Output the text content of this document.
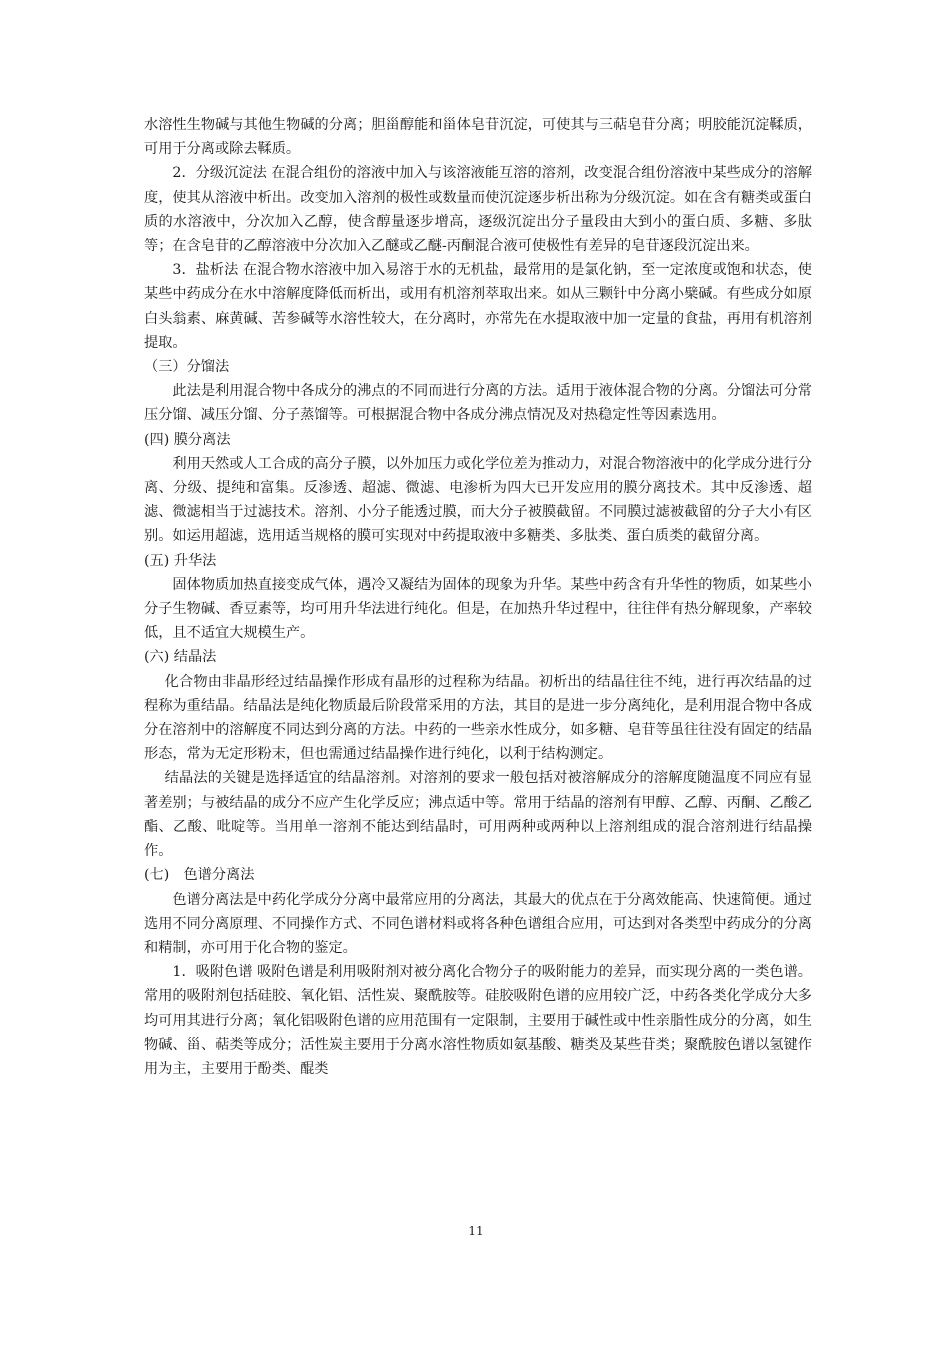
水溶性生物碱与其他生物碱的分离；胆甾醇能和甾体皂苷沉淀，可使其与三萜皂苷分离；明胶能沉淀鞣质，可用于分离或除去鞣质。

2．分级沉淀法 在混合组份的溶液中加入与该溶液能互溶的溶剂，改变混合组份溶液中某些成分的溶解度，使其从溶液中析出。改变加入溶剂的极性或数量而使沉淀逐步析出称为分级沉淀。如在含有糖类或蛋白质的水溶液中，分次加入乙醇，使含醇量逐步增高，逐级沉淀出分子量段由大到小的蛋白质、多糖、多肽等；在含皂苷的乙醇溶液中分次加入乙醚或乙醚-丙酮混合液可使极性有差异的皂苷逐段沉淀出来。

3．盐析法 在混合物水溶液中加入易溶于水的无机盐，最常用的是氯化钠，至一定浓度或饱和状态，使某些中药成分在水中溶解度降低而析出，或用有机溶剂萃取出来。如从三颗针中分离小檗碱。有些成分如原白头翁素、麻黄碱、苦参碱等水溶性较大，在分离时，亦常先在水提取液中加一定量的食盐，再用有机溶剂提取。

（三）分馏法

此法是利用混合物中各成分的沸点的不同而进行分离的方法。适用于液体混合物的分离。分馏法可分常压分馏、减压分馏、分子蒸馏等。可根据混合物中各成分沸点情况及对热稳定性等因素选用。

(四) 膜分离法

利用天然或人工合成的高分子膜，以外加压力或化学位差为推动力，对混合物溶液中的化学成分进行分离、分级、提纯和富集。反渗透、超滤、微滤、电渗析为四大已开发应用的膜分离技术。其中反渗透、超滤、微滤相当于过滤技术。溶剂、小分子能透过膜，而大分子被膜截留。不同膜过滤被截留的分子大小有区别。如运用超滤，选用适当规格的膜可实现对中药提取液中多糖类、多肽类、蛋白质类的截留分离。

(五) 升华法

固体物质加热直接变成气体，遇冷又凝结为固体的现象为升华。某些中药含有升华性的物质，如某些小分子生物碱、香豆素等，均可用升华法进行纯化。但是，在加热升华过程中，往往伴有热分解现象，产率较低，且不适宜大规模生产。

(六) 结晶法

化合物由非晶形经过结晶操作形成有晶形的过程称为结晶。初析出的结晶往往不纯，进行再次结晶的过程称为重结晶。结晶法是纯化物质最后阶段常采用的方法，其目的是进一步分离纯化，是利用混合物中各成分在溶剂中的溶解度不同达到分离的方法。中药的一些亲水性成分，如多糖、皂苷等虽往往没有固定的结晶形态，常为无定形粉末，但也需通过结晶操作进行纯化，以利于结构测定。

结晶法的关键是选择适宜的结晶溶剂。对溶剂的要求一般包括对被溶解成分的溶解度随温度不同应有显著差别；与被结晶的成分不应产生化学反应；沸点适中等。常用于结晶的溶剂有甲醇、乙醇、丙酮、乙酸乙酯、乙酸、吡啶等。当用单一溶剂不能达到结晶时，可用两种或两种以上溶剂组成的混合溶剂进行结晶操作。

(七)　色谱分离法

色谱分离法是中药化学成分分离中最常应用的分离法，其最大的优点在于分离效能高、快速简便。通过选用不同分离原理、不同操作方式、不同色谱材料或将各种色谱组合应用，可达到对各类型中药成分的分离和精制，亦可用于化合物的鉴定。

1．吸附色谱 吸附色谱是利用吸附剂对被分离化合物分子的吸附能力的差异，而实现分离的一类色谱。常用的吸附剂包括硅胶、氧化铝、活性炭、聚酰胺等。硅胶吸附色谱的应用较广泛，中药各类化学成分大多均可用其进行分离；氧化铝吸附色谱的应用范围有一定限制，主要用于碱性或中性亲脂性成分的分离，如生物碱、甾、萜类等成分；活性炭主要用于分离水溶性物质如氨基酸、糖类及某些苷类；聚酰胺色谱以氢键作用为主，主要用于酚类、醌类

11
